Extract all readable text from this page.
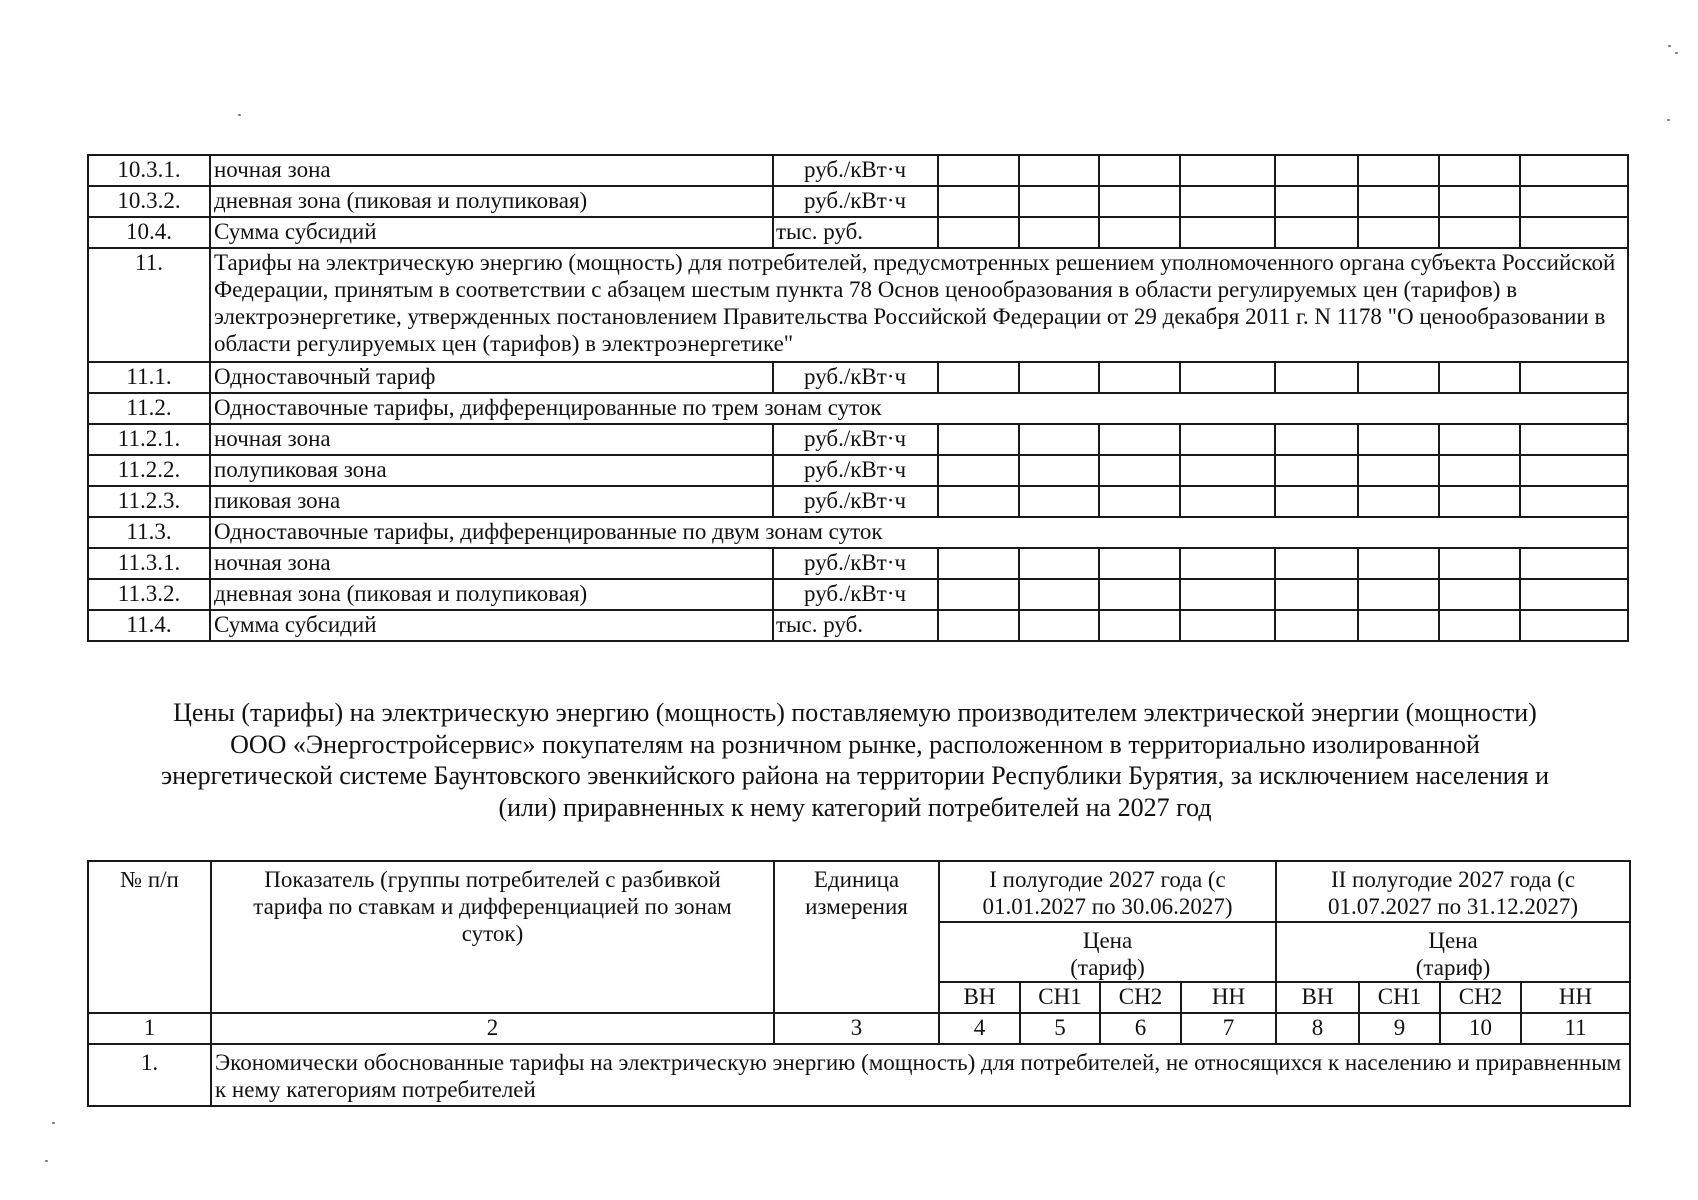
10.3.1.	ночная зона	руб./кВт·ч								
10.3.2.	дневная зона (пиковая и полупиковая)	руб./кВт·ч								
10.4.	Сумма субсидий	тыс. руб.								
11.	Тарифы на электрическую энергию (мощность) для потребителей, предусмотренных решением уполномоченного органа субъекта Российской Федерации, принятым в соответствии с абзацем шестым пункта 78 Основ ценообразования в области регулируемых цен (тарифов) в электроэнергетике, утвержденных постановлением Правительства Российской Федерации от 29 декабря 2011 г. N 1178 "О ценообразовании в области регулируемых цен (тарифов) в электроэнергетике"									
11.1.	Одноставочный тариф	руб./кВт·ч								
11.2.	Одноставочные тарифы, дифференцированные по трем зонам суток									
11.2.1.	ночная зона	руб./кВт·ч								
11.2.2.	полупиковая зона	руб./кВт·ч								
11.2.3.	пиковая зона	руб./кВт·ч								
11.3.	Одноставочные тарифы, дифференцированные по двум зонам суток									
11.3.1.	ночная зона	руб./кВт·ч								
11.3.2.	дневная зона (пиковая и полупиковая)	руб./кВт·ч								
11.4.	Сумма субсидий	тыс. руб.								
Цены (тарифы) на электрическую энергию (мощность) поставляемую производителем электрической энергии (мощности)
ООО «Энергостройсервис» покупателям на розничном рынке, расположенном в территориально изолированной
энергетической системе Баунтовского эвенкийского района на территории Республики Бурятия, за исключением населения и
(или) приравненных к нему категорий потребителей на 2027 год
№ п/п	Показатель (группы потребителей с разбивкой тарифа по ставкам и дифференциацией по зонам суток)	Единица измерения	I полугодие 2027 года (с 01.01.2027 по 30.06.2027)				II полугодие 2027 года (с 01.07.2027 по 31.12.2027)			
			Цена (тариф)				Цена (тариф)			
			ВН	СН1	СН2	НН	ВН	СН1	СН2	НН
1	2	3	4	5	6	7	8	9	10	11
1.	Экономически обоснованные тарифы на электрическую энергию (мощность) для потребителей, не относящихся к населению и приравненным к нему категориям потребителей									
